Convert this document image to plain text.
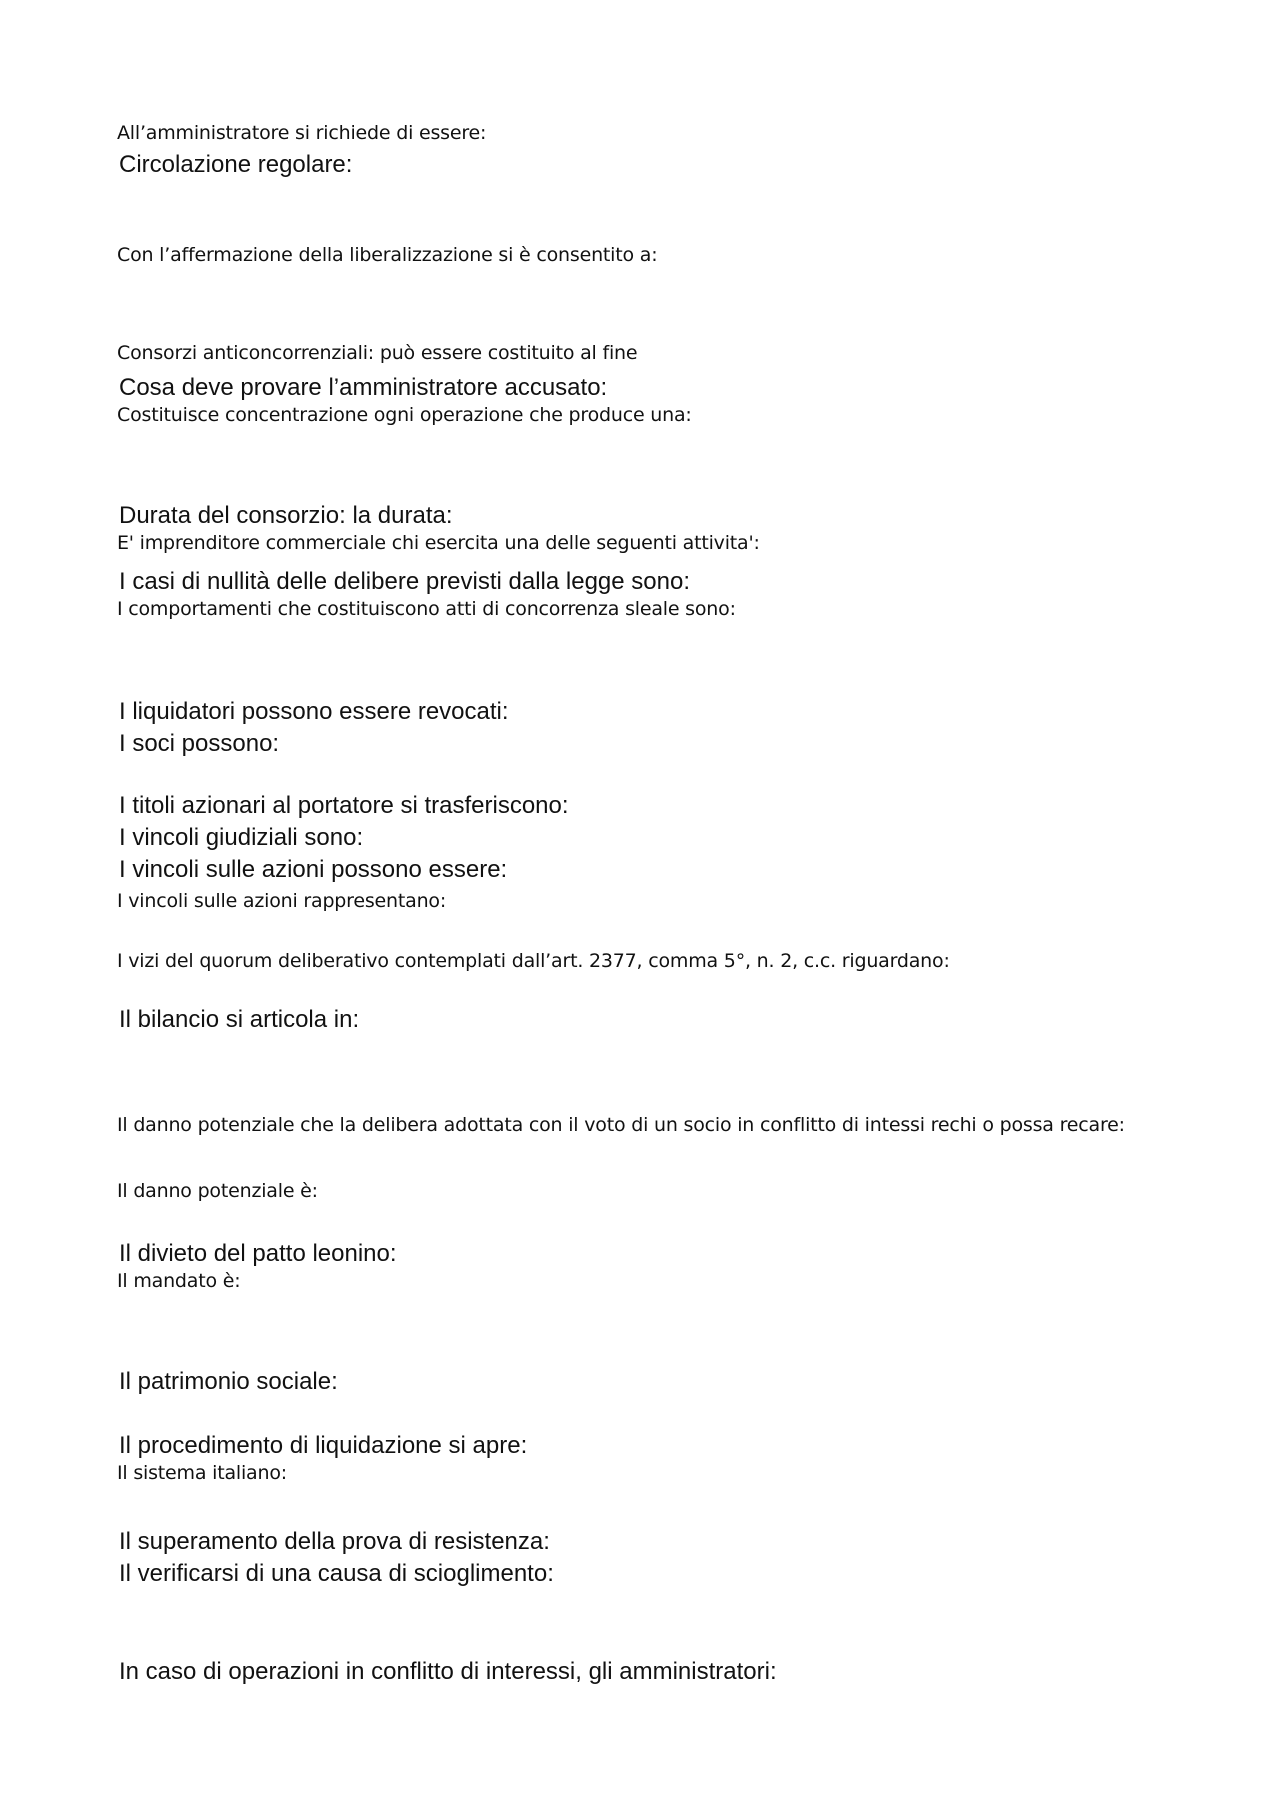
All’amministratore si richiede di essere:
Circolazione regolare:
Con l’affermazione della liberalizzazione si è consentito a:
Consorzi anticoncorrenziali: può essere costituito al fine
Cosa deve provare l’amministratore accusato:
Costituisce concentrazione ogni operazione che produce una:
Durata del consorzio: la durata:
E' imprenditore commerciale chi esercita una delle seguenti attivita':
I casi di nullità delle delibere previsti dalla legge sono:
I comportamenti che costituiscono atti di concorrenza sleale sono:
I liquidatori possono essere revocati:
I soci possono:
I titoli azionari al portatore si trasferiscono:
I vincoli giudiziali sono:
I vincoli sulle azioni possono essere:
I vincoli sulle azioni rappresentano:
I vizi del quorum deliberativo contemplati dall’art. 2377, comma 5°, n. 2, c.c. riguardano:
Il bilancio si articola in:
Il danno potenziale che la delibera adottata con il voto di un socio in conflitto di intessi rechi o possa recare:
Il danno potenziale è:
Il divieto del patto leonino:
Il mandato è:
Il patrimonio sociale:
Il procedimento di liquidazione si apre:
Il sistema italiano:
Il superamento della prova di resistenza:
Il verificarsi di una causa di scioglimento:
In caso di operazioni in conflitto di interessi, gli amministratori:
